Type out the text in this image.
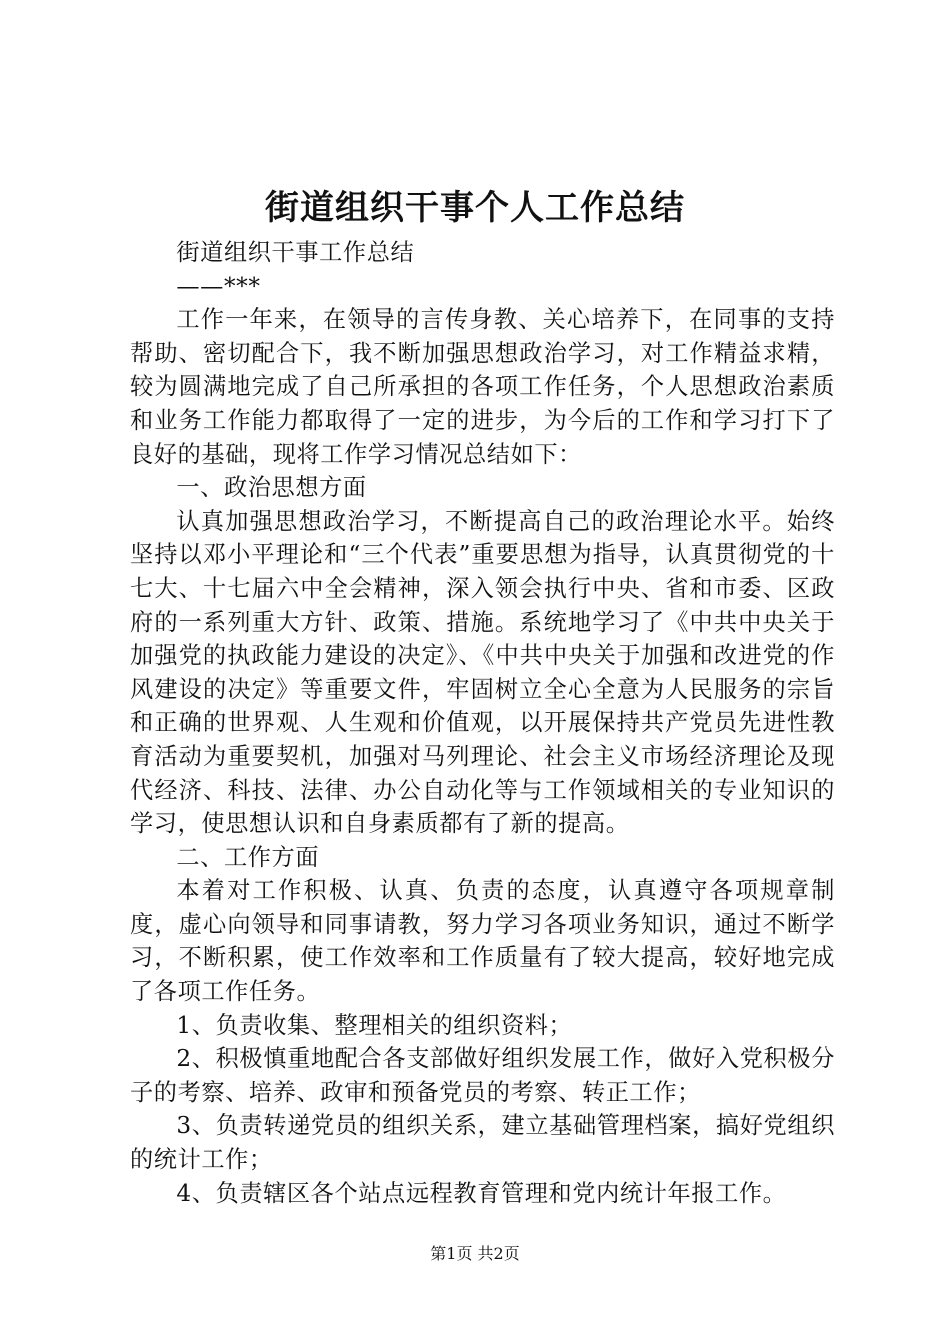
街道组织干事个人工作总结

街道组织干事工作总结

——***

工作一年来，在领导的言传身教、关心培养下，在同事的支持帮助、密切配合下，我不断加强思想政治学习，对工作精益求精，较为圆满地完成了自己所承担的各项工作任务，个人思想政治素质和业务工作能力都取得了一定的进步，为今后的工作和学习打下了良好的基础，现将工作学习情况总结如下：

一、政治思想方面

认真加强思想政治学习，不断提高自己的政治理论水平。始终坚持以邓小平理论和“三个代表”重要思想为指导，认真贯彻党的十七大、十七届六中全会精神，深入领会执行中央、省和市委、区政府的一系列重大方针、政策、措施。系统地学习了《中共中央关于加强党的执政能力建设的决定》、《中共中央关于加强和改进党的作风建设的决定》等重要文件，牢固树立全心全意为人民服务的宗旨和正确的世界观、人生观和价值观，以开展保持共产党员先进性教育活动为重要契机，加强对马列理论、社会主义市场经济理论及现代经济、科技、法律、办公自动化等与工作领域相关的专业知识的学习，使思想认识和自身素质都有了新的提高。

二、工作方面

本着对工作积极、认真、负责的态度，认真遵守各项规章制度，虚心向领导和同事请教，努力学习各项业务知识，通过不断学习，不断积累，使工作效率和工作质量有了较大提高，较好地完成了各项工作任务。

1、负责收集、整理相关的组织资料；

2、积极慎重地配合各支部做好组织发展工作，做好入党积极分子的考察、培养、政审和预备党员的考察、转正工作；

3、负责转递党员的组织关系，建立基础管理档案，搞好党组织的统计工作；

4、负责辖区各个站点远程教育管理和党内统计年报工作。

第1页 共2页
